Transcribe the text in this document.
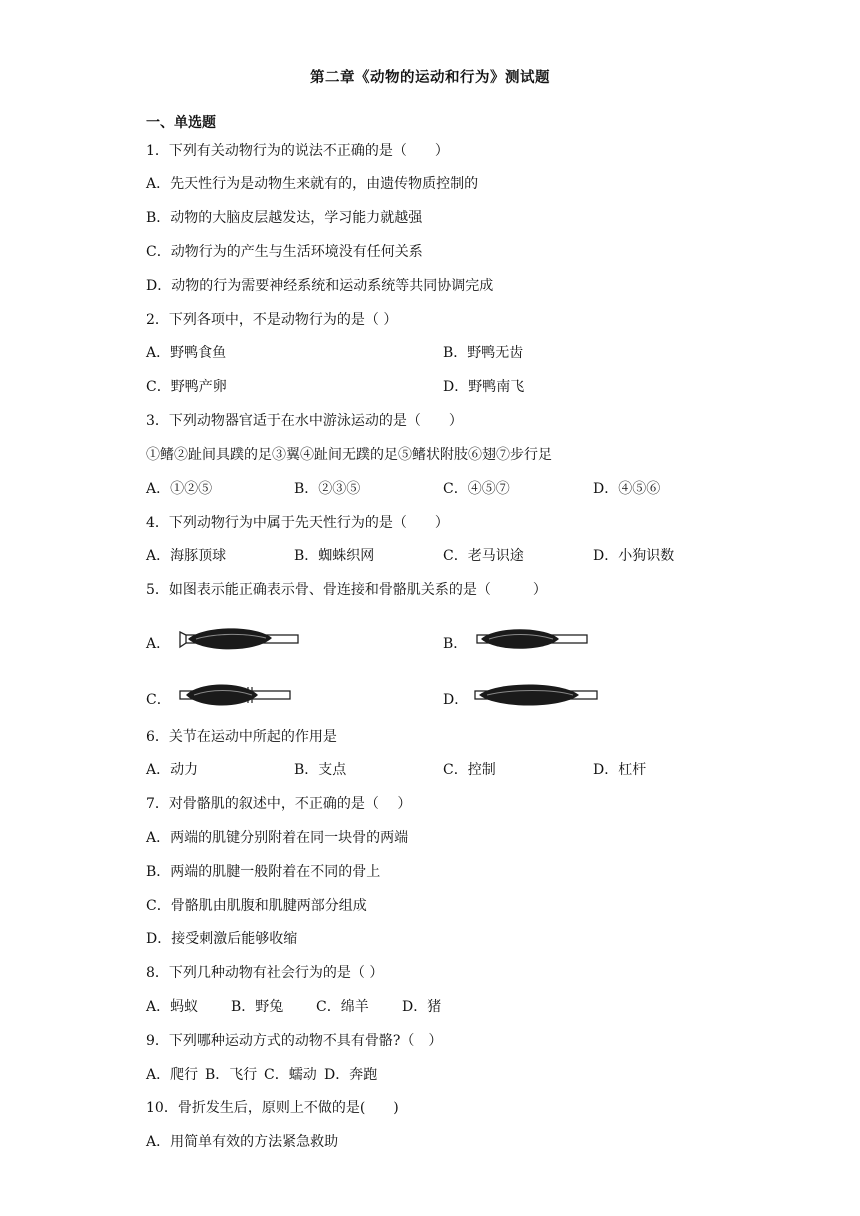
第二章《动物的运动和行为》测试题
一、单选题
1．下列有关动物行为的说法不正确的是（　　）
A．先天性行为是动物生来就有的，由遗传物质控制的
B．动物的大脑皮层越发达，学习能力就越强
C．动物行为的产生与生活环境没有任何关系
D．动物的行为需要神经系统和运动系统等共同协调完成
2．下列各项中，不是动物行为的是（ ）
A．野鸭食鱼	B．野鸭无齿
C．野鸭产卵	D．野鸭南飞
3．下列动物器官适于在水中游泳运动的是（　　）
①鳍②趾间具蹼的足③翼④趾间无蹼的足⑤鳍状附肢⑥翅⑦步行足
A．①②⑤	B．②③⑤	C．④⑤⑦	D．④⑤⑥
4．下列动物行为中属于先天性行为的是（　　）
A．海豚顶球	B．蜘蛛织网	C．老马识途	D．小狗识数
5．如图表示能正确表示骨、骨连接和骨骼肌关系的是（　　　）
A．	B．
C．	D．
6．关节在运动中所起的作用是
A．动力	B．支点	C．控制	D．杠杆
7．对骨骼肌的叙述中，不正确的是（　 ）
A．两端的肌键分别附着在同一块骨的两端
B．两端的肌腱一般附着在不同的骨上
C．骨骼肌由肌腹和肌腱两部分组成
D．接受刺激后能够收缩
8．下列几种动物有社会行为的是（ ）
A．蚂蚁 B．野兔 C．绵羊 D．猪
9．下列哪种运动方式的动物不具有骨骼?（　）
A．爬行 B．飞行 C．蠕动 D．奔跑
10．骨折发生后，原则上不做的是(　　)
A．用简单有效的方法紧急救助
